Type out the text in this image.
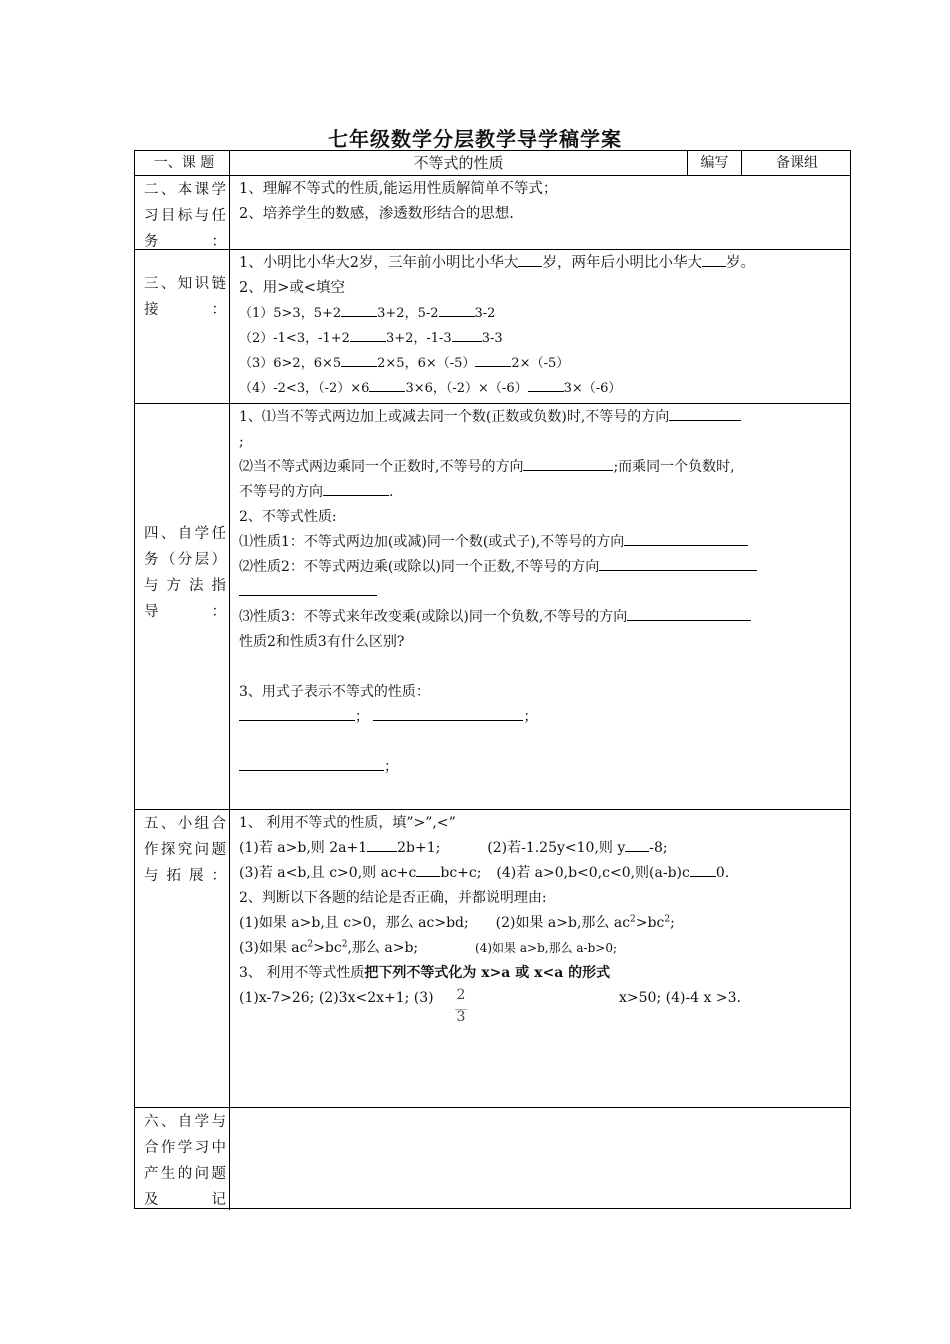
七年级数学分层教学导学稿学案
一、课 题	不等式的性质	编写	备课组
二、本课学习目标与任务：
1、理解不等式的性质,能运用性质解简单不等式；
2、培养学生的数感，渗透数形结合的思想.
三、知识链接：
1、小明比小华大2岁，三年前小明比小华大 岁，两年后小明比小华大 岁。
2、用>或<填空
（1）5>3，5+2	3+2，5-2	3-2
（2）-1<3，-1+2	3+2，-1-3 3-3
（3）6>2，6×5	2×5，6×（-5）	2×（-5）
（4）-2<3，（-2）×6	3×6，（-2）×（-6）	3×（-6）
四、自学任务（分层）与方法指导：
1、⑴当不等式两边加上或减去同一个数(正数或负数)时,不等号的方向
;
⑵当不等式两边乘同一个正数时,不等号的方向	;而乘同一个负数时,
不等号的方向	.
2、不等式性质:
⑴性质1：不等式两边加(或减)同一个数(或式子),不等号的方向
⑵性质2：不等式两边乘(或除以)同一个正数,不等号的方向
⑶性质3：不等式来年改变乘(或除以)同一个负数,不等号的方向
性质2和性质3有什么区别?
3、用式子表示不等式的性质：
；	；
；
五、小组合作探究问题与拓展：
1、 利用不等式的性质，填”>”,<”
(1)若 a>b,则 2a+1 2b+1;	(2)若-1.25y<10,则 y -8;
(3)若 a<b,且 c>0,则 ac+c bc+c; (4)若 a>0,b<0,c<0,则(a-b)c 0.
2、判断以下各题的结论是否正确，并都说明理由:
(1)如果 a>b,且 c>0，那么 ac>bd; (2)如果 a>b,那么 $ac^2>bc^2$;
(3)如果 $ac^2>bc^2$,那么 a>b;	(4)如果 a>b,那么 a-b>0;
3、 利用不等式性质把下列不等式化为 x>a 或 x<a 的形式
(1)x-7>26; (2)3x<2x+1; (3)	x>50; (4)-4 x >3.
2
3
六、自学与合作学习中产生的问题及记
